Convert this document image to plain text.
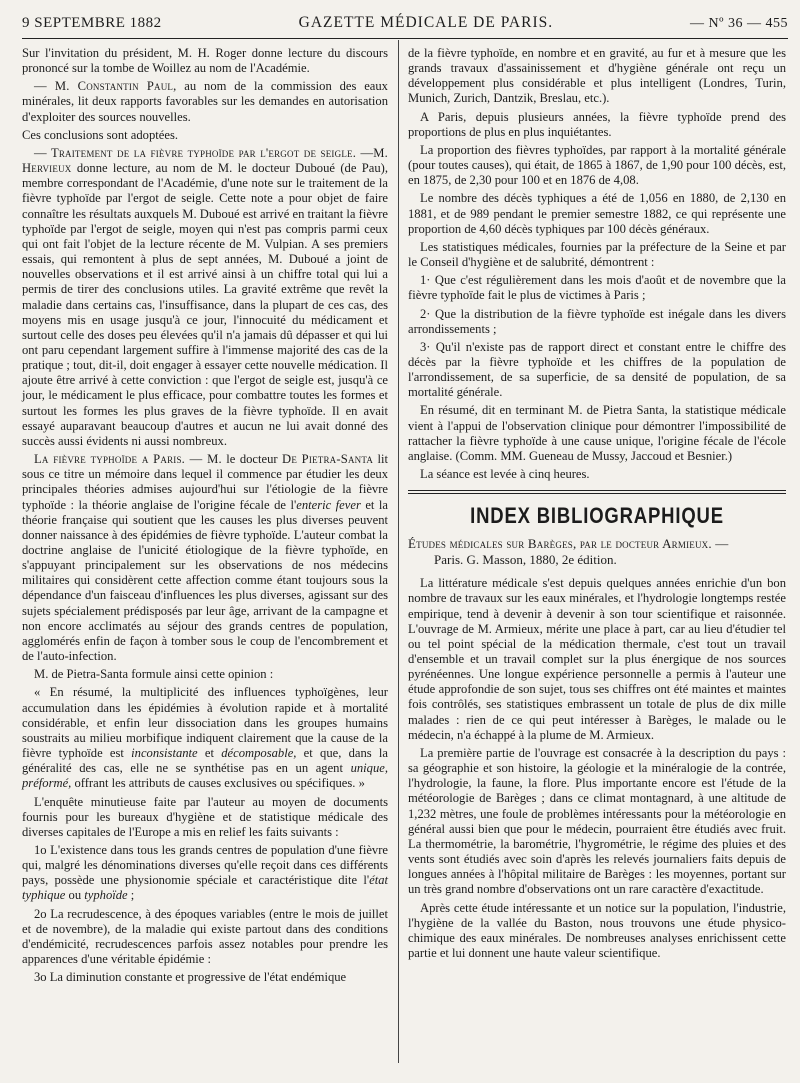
9 SEPTEMBRE 1882	GAZETTE MÉDICALE DE PARIS.	— Nº 36 — 455

Sur l'invitation du président, M. H. Roger donne lecture du discours prononcé sur la tombe de Woillez au nom de l'Académie.

— M. Constantin Paul, au nom de la commission des eaux minérales, lit deux rapports favorables sur les demandes en autorisation d'exploiter des sources nouvelles.

Ces conclusions sont adoptées.

— Traitement de la fièvre typhoïde par l'ergot de seigle. —M. Hervieux donne lecture, au nom de M. le docteur Duboué (de Pau), membre correspondant de l'Académie, d'une note sur le traitement de la fièvre typhoïde par l'ergot de seigle. Cette note a pour objet de faire connaître les résultats auxquels M. Duboué est arrivé en traitant la fièvre typhoïde par l'ergot de seigle, moyen qui n'est pas compris parmi ceux qui ont fait l'objet de la lecture récente de M. Vulpian. A ses premiers essais, qui remontent à plus de sept années, M. Duboué a joint de nouvelles observations et il est arrivé ainsi à un chiffre total qui lui a permis de tirer des conclusions utiles. La gravité extrême que revêt la maladie dans certains cas, l'insuffisance, dans la plupart de ces cas, des moyens mis en usage jusqu'à ce jour, l'innocuité du médicament et surtout celle des doses peu élevées qu'il n'a jamais dû dépasser et qui lui ont paru cependant largement suffire à l'immense majorité des cas de la pratique ; tout, dit-il, doit engager à essayer cette nouvelle médication. Il ajoute être arrivé à cette conviction : que l'ergot de seigle est, jusqu'à ce jour, le médicament le plus efficace, pour combattre toutes les formes et surtout les formes les plus graves de la fièvre typhoïde. Il en avait essayé auparavant beaucoup d'autres et aucun ne lui avait donné des succès aussi évidents ni aussi nombreux.

La fièvre typhoïde a Paris. — M. le docteur De Pietra-Santa lit sous ce titre un mémoire dans lequel il commence par étudier les deux principales théories admises aujourd'hui sur l'étiologie de la fièvre typhoïde : la théorie anglaise de l'origine fécale de l'enteric fever et la théorie française qui soutient que les causes les plus diverses peuvent donner naissance à des épidémies de fièvre typhoïde. L'auteur combat la doctrine anglaise de l'unicité étiologique de la fièvre typhoïde, en s'appuyant principalement sur les observations de nos médecins militaires qui considèrent cette affection comme étant toujours sous la dépendance d'un faisceau d'influences les plus diverses, agissant sur des sujets spécialement prédisposés par leur âge, arrivant de la campagne et non encore acclimatés au séjour des grands centres de population, agglomérés enfin de façon à tomber sous le coup de l'encombrement et de l'auto-infection.

M. de Pietra-Santa formule ainsi cette opinion :

« En résumé, la multiplicité des influences typhoïgènes, leur accumulation dans les épidémies à évolution rapide et à mortalité considérable, et enfin leur dissociation dans les groupes humains soustraits au milieu morbifique indiquent clairement que la cause de la fièvre typhoïde est inconsistante et décomposable, et que, dans la généralité des cas, elle ne se synthétise pas en un agent unique, préformé, offrant les attributs de causes exclusives ou spécifiques. »

L'enquête minutieuse faite par l'auteur au moyen de documents fournis pour les bureaux d'hygiène et de statistique médicale des diverses capitales de l'Europe a mis en relief les faits suivants :

1o L'existence dans tous les grands centres de population d'une fièvre qui, malgré les dénominations diverses qu'elle reçoit dans ces différents pays, possède une physionomie spéciale et caractéristique dite l'état typhique ou typhoïde ;

2o La recrudescence, à des époques variables (entre le mois de juillet et de novembre), de la maladie qui existe partout dans des conditions d'endémicité, recrudescences parfois assez notables pour prendre les apparences d'une véritable épidémie :

3o La diminution constante et progressive de l'état endémique

de la fièvre typhoïde, en nombre et en gravité, au fur et à mesure que les grands travaux d'assainissement et d'hygiène générale ont reçu un développement plus considérable et plus intelligent (Londres, Turin, Munich, Zurich, Dantzik, Breslau, etc.).

A Paris, depuis plusieurs années, la fièvre typhoïde prend des proportions de plus en plus inquiétantes.

La proportion des fièvres typhoïdes, par rapport à la mortalité générale (pour toutes causes), qui était, de 1865 à 1867, de 1,90 pour 100 décès, est, en 1875, de 2,30 pour 100 et en 1876 de 4,08.

Le nombre des décès typhiques a été de 1,056 en 1880, de 2,130 en 1881, et de 989 pendant le premier semestre 1882, ce qui représente une proportion de 4,60 décès typhiques par 100 décès généraux.

Les statistiques médicales, fournies par la préfecture de la Seine et par le Conseil d'hygiène et de salubrité, démontrent :

1· Que c'est régulièrement dans les mois d'août et de novembre que la fièvre typhoïde fait le plus de victimes à Paris ;

2· Que la distribution de la fièvre typhoïde est inégale dans les divers arrondissements ;

3· Qu'il n'existe pas de rapport direct et constant entre le chiffre des décès par la fièvre typhoïde et les chiffres de la population de l'arrondissement, de sa superficie, de sa densité de population, de sa mortalité générale.

En résumé, dit en terminant M. de Pietra Santa, la statistique médicale vient à l'appui de l'observation clinique pour démontrer l'impossibilité de rattacher la fièvre typhoïde à une cause unique, l'origine fécale de l'école anglaise. (Comm. MM. Gueneau de Mussy, Jaccoud et Besnier.)

La séance est levée à cinq heures.

INDEX BIBLIOGRAPHIQUE
Études médicales sur Barèges, par le docteur Armieux. —
Paris. G. Masson, 1880, 2e édition.

La littérature médicale s'est depuis quelques années enrichie d'un bon nombre de travaux sur les eaux minérales, et l'hydrologie longtemps restée empirique, tend à devenir à devenir à son tour scientifique et raisonnée. L'ouvrage de M. Armieux, mérite une place à part, car au lieu d'étudier tel ou tel point spécial de la médication thermale, c'est tout un travail d'ensemble et un travail complet sur la plus énergique de nos sources pyrénéennes. Une longue expérience personnelle a permis à l'auteur une étude approfondie de son sujet, tous ses chiffres ont été maintes et maintes fois contrôlés, ses statistiques embrassent un totale de plus de dix mille malades : rien de ce qui peut intéresser à Barèges, le malade ou le médecin, n'a échappé à la plume de M. Armieux.

La première partie de l'ouvrage est consacrée à la description du pays : sa géographie et son histoire, la géologie et la minéralogie de la contrée, l'hydrologie, la faune, la flore. Plus importante encore est l'étude de la météorologie de Barèges ; dans ce climat montagnard, à une altitude de 1,232 mètres, une foule de problèmes intéressants pour la météorologie en général aussi bien que pour le médecin, pourraient être étudiés avec fruit. La thermométrie, la barométrie, l'hygrométrie, le régime des pluies et des vents sont étudiés avec soin d'après les relevés journaliers faits depuis de longues années à l'hôpital militaire de Barèges : les moyennes, portant sur un très grand nombre d'observations ont un rare caractère d'exactitude.

Après cette étude intéressante et un notice sur la population, l'industrie, l'hygiène de la vallée du Baston, nous trouvons une étude physico-chimique des eaux minérales. De nombreuses analyses enrichissent cette partie et lui donnent une haute valeur scientifique.
